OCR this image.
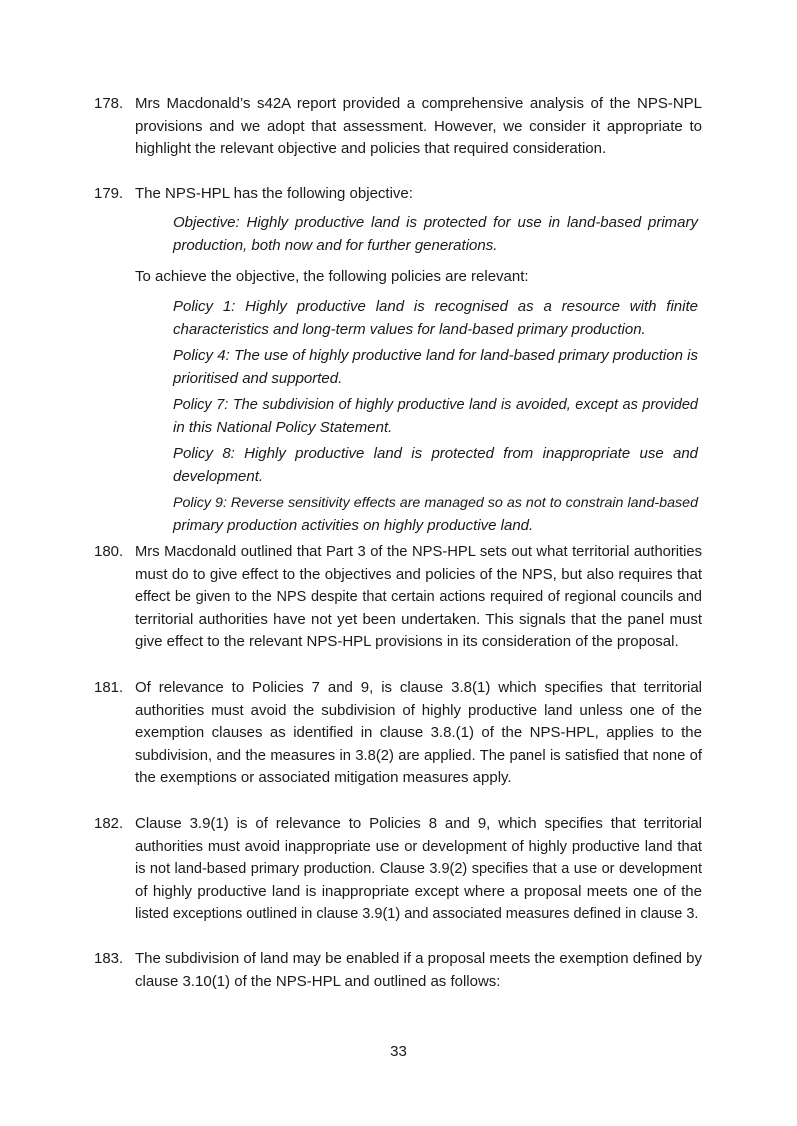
178. Mrs Macdonald’s s42A report provided a comprehensive analysis of the NPS-NPL
provisions and we adopt that assessment. However, we consider it appropriate to
highlight the relevant objective and policies that required consideration.
179. The NPS-HPL has the following objective:
Objective: Highly productive land is protected for use in land-based primary
production, both now and for further generations.
To achieve the objective, the following policies are relevant:
Policy 1: Highly productive land is recognised as a resource with finite
characteristics and long-term values for land-based primary production.
Policy 4: The use of highly productive land for land-based primary production is
prioritised and supported.
Policy 7: The subdivision of highly productive land is avoided, except as provided
in this National Policy Statement.
Policy 8: Highly productive land is protected from inappropriate use and
development.
Policy 9: Reverse sensitivity effects are managed so as not to constrain land-based
primary production activities on highly productive land.
180. Mrs Macdonald outlined that Part 3 of the NPS-HPL sets out what territorial authorities
must do to give effect to the objectives and policies of the NPS, but also requires that
effect be given to the NPS despite that certain actions required of regional councils and
territorial authorities have not yet been undertaken. This signals that the panel must
give effect to the relevant NPS-HPL provisions in its consideration of the proposal.
181. Of relevance to Policies 7 and 9, is clause 3.8(1) which specifies that territorial
authorities must avoid the subdivision of highly productive land unless one of the
exemption clauses as identified in clause 3.8.(1) of the NPS-HPL, applies to the
subdivision, and the measures in 3.8(2) are applied. The panel is satisfied that none of
the exemptions or associated mitigation measures apply.
182. Clause 3.9(1) is of relevance to Policies 8 and 9, which specifies that territorial
authorities must avoid inappropriate use or development of highly productive land that
is not land-based primary production. Clause 3.9(2) specifies that a use or development
of highly productive land is inappropriate except where a proposal meets one of the
listed exceptions outlined in clause 3.9(1) and associated measures defined in clause 3.
183. The subdivision of land may be enabled if a proposal meets the exemption defined by
clause 3.10(1) of the NPS-HPL and outlined as follows:
33
